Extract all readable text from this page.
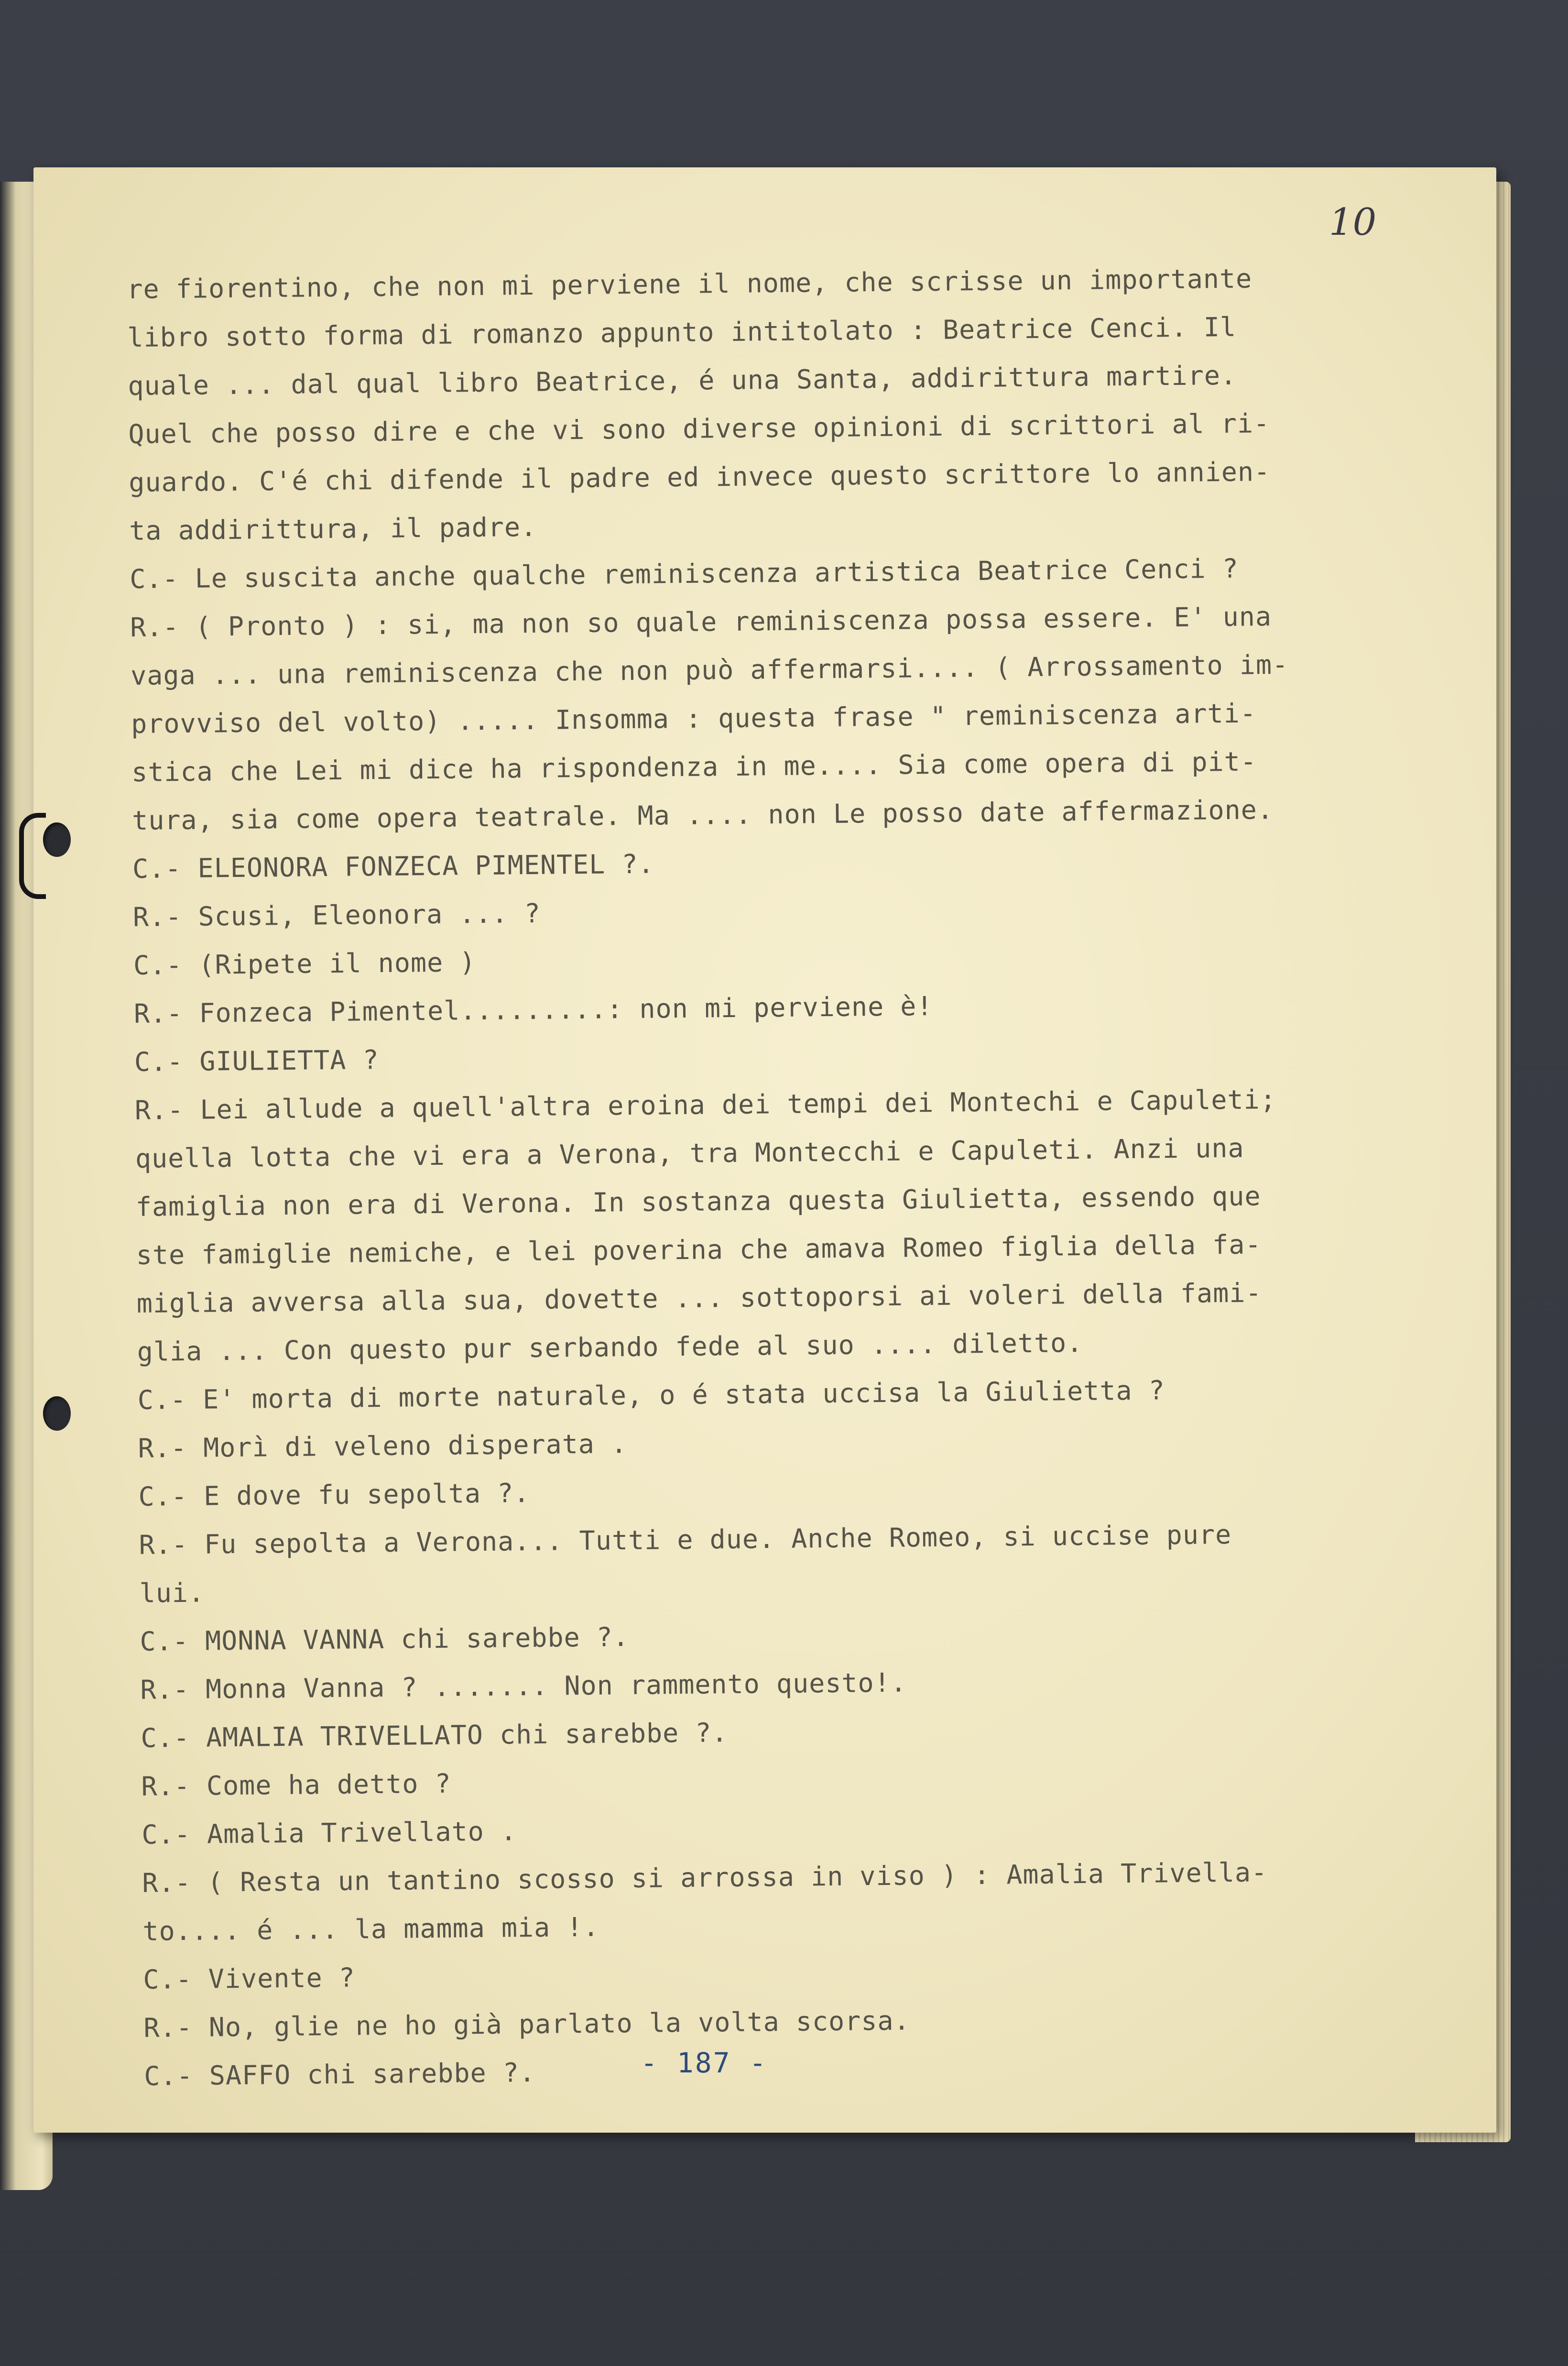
10
re fiorentino, che non mi perviene il nome, che scrisse un importante
libro sotto forma di romanzo appunto intitolato : Beatrice Cenci. Il
quale ... dal qual libro Beatrice, é una Santa, addirittura martire.
Quel che posso dire e che vi sono diverse opinioni di scrittori al ri-
guardo. C'é chi difende il padre ed invece questo scrittore lo annien-
ta addirittura, il padre.
C.- Le suscita anche qualche reminiscenza artistica Beatrice Cenci ?
R.- ( Pronto ) : si, ma non so quale reminiscenza possa essere. E' una
vaga ... una reminiscenza che non può affermarsi.... ( Arrossamento im-
provviso del volto) ..... Insomma : questa frase " reminiscenza arti-
stica che Lei mi dice ha rispondenza in me.... Sia come opera di pit-
tura, sia come opera teatrale. Ma .... non Le posso date affermazione.
C.- ELEONORA FONZECA PIMENTEL ?.
R.- Scusi, Eleonora ... ?
C.- (Ripete il nome )
R.- Fonzeca Pimentel.........: non mi perviene è!
C.- GIULIETTA ?
R.- Lei allude a quell'altra eroina dei tempi dei Montechi e Capuleti;
quella lotta che vi era a Verona, tra Montecchi e Capuleti. Anzi una
famiglia non era di Verona. In sostanza questa Giulietta, essendo que
ste famiglie nemiche, e lei poverina che amava Romeo figlia della fa-
miglia avversa alla sua, dovette ... sottoporsi ai voleri della fami-
glia ... Con questo pur serbando fede al suo .... diletto.
C.- E' morta di morte naturale, o é stata uccisa la Giulietta ?
R.- Morì di veleno disperata .
C.- E dove fu sepolta ?.
R.- Fu sepolta a Verona... Tutti e due. Anche Romeo, si uccise pure
lui.
C.- MONNA VANNA chi sarebbe ?.
R.- Monna Vanna ? ....... Non rammento questo!.
C.- AMALIA TRIVELLATO chi sarebbe ?.
R.- Come ha detto ?
C.- Amalia Trivellato .
R.- ( Resta un tantino scosso si arrossa in viso ) : Amalia Trivella-
to.... é ... la mamma mia !.
C.- Vivente ?
R.- No, glie ne ho già parlato la volta scorsa.
C.- SAFFO chi sarebbe ?.	- 187 -
